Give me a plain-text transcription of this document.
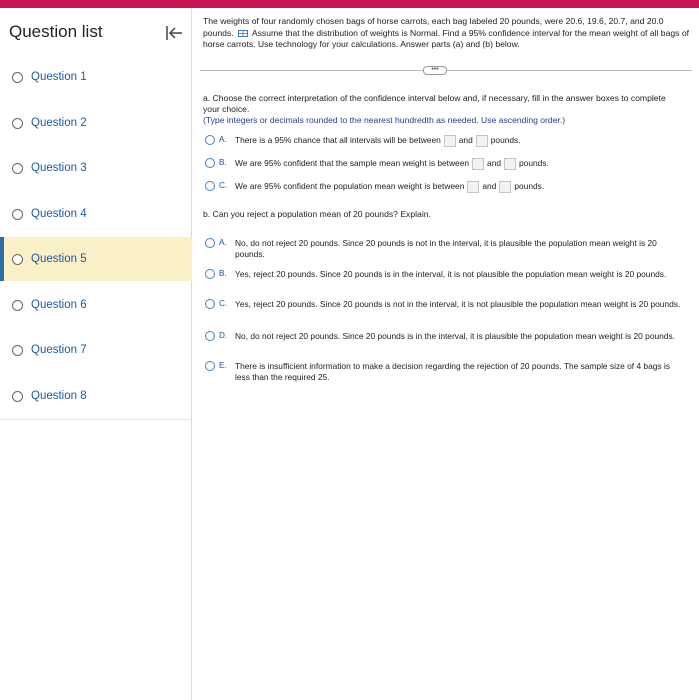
Question list
Question 1
Question 2
Question 3
Question 4
Question 5
Question 6
Question 7
Question 8
The weights of four randomly chosen bags of horse carrots, each bag labeled 20 pounds, were 20.6, 19.6, 20.7, and 20.0 pounds. Assume that the distribution of weights is Normal. Find a 95% confidence interval for the mean weight of all bags of horse carrots. Use technology for your calculations. Answer parts (a) and (b) below.
•••
a. Choose the correct interpretation of the confidence interval below and, if necessary, fill in the answer boxes to complete your choice.
(Type integers or decimals rounded to the nearest hundredth as needed. Use ascending order.)
A. There is a 95% chance that all intervals will be between and pounds.
B. We are 95% confident that the sample mean weight is between and pounds.
C. We are 95% confident the population mean weight is between and pounds.
b. Can you reject a population mean of 20 pounds? Explain.
A. No, do not reject 20 pounds. Since 20 pounds is not in the interval, it is plausible the population mean weight is 20 pounds.
B. Yes, reject 20 pounds. Since 20 pounds is in the interval, it is not plausible the population mean weight is 20 pounds.
C. Yes, reject 20 pounds. Since 20 pounds is not in the interval, it is not plausible the population mean weight is 20 pounds.
D. No, do not reject 20 pounds. Since 20 pounds is in the interval, it is plausible the population mean weight is 20 pounds.
E. There is insufficient information to make a decision regarding the rejection of 20 pounds. The sample size of 4 bags is less than the required 25.
